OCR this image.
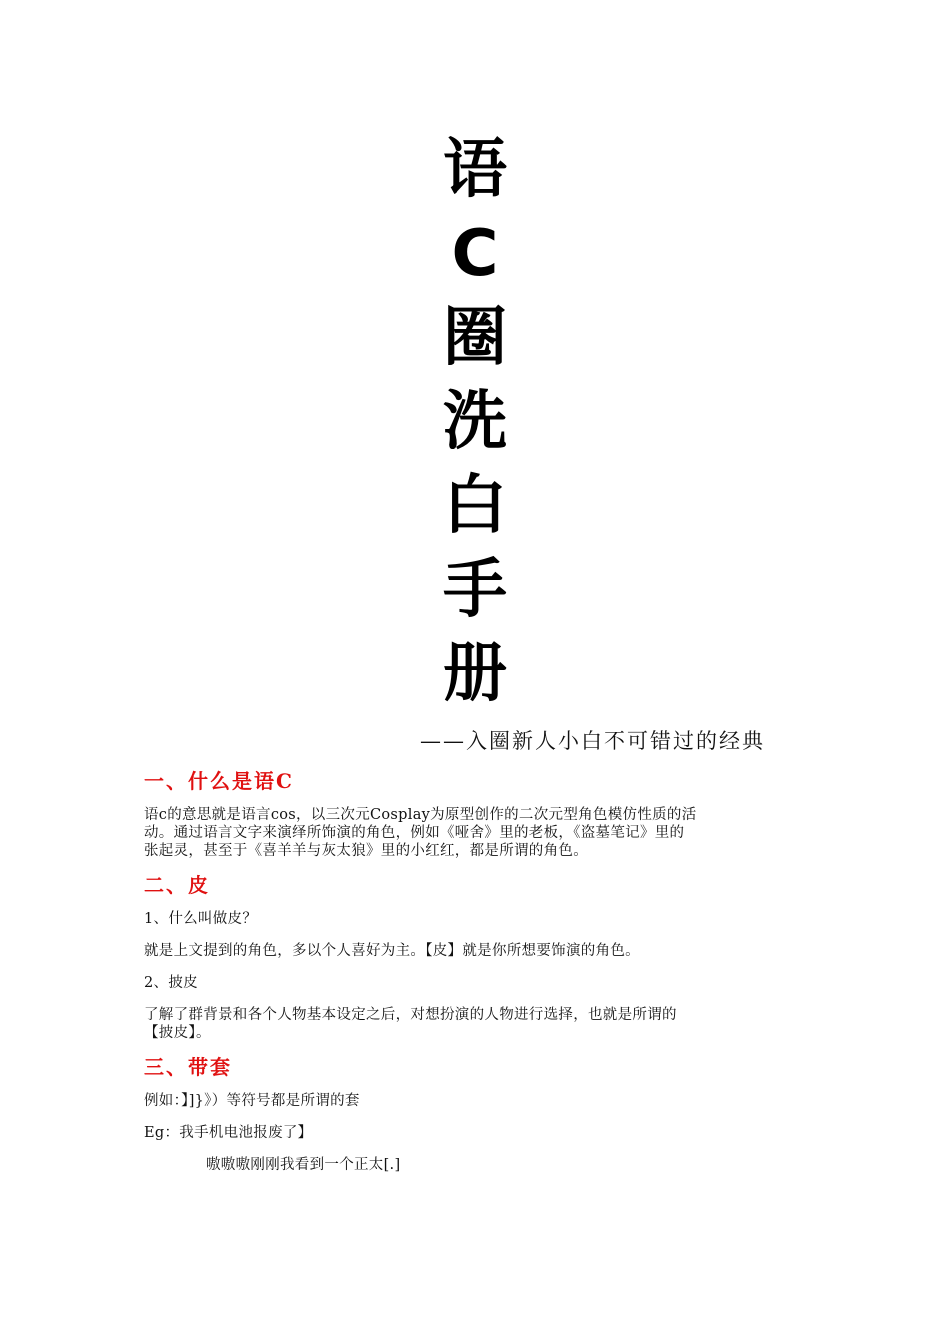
语
C
圈
洗
白
手
册
——入圈新人小白不可错过的经典
一、什么是语C

语c的意思就是语言cos，以三次元Cosplay为原型创作的二次元型角色模仿性质的活

动。通过语言文字来演绎所饰演的角色，例如《哑舍》里的老板，《盗墓笔记》里的

张起灵，甚至于《喜羊羊与灰太狼》里的小红红，都是所谓的角色。

二、皮

1、什么叫做皮？

就是上文提到的角色，多以个人喜好为主。【皮】就是你所想要饰演的角色。

2、披皮

了解了群背景和各个人物基本设定之后，对想扮演的人物进行选择，也就是所谓的

【披皮】。

三、带套

例如：】]}》）等符号都是所谓的套

Eg：我手机电池报废了】

嗷嗷嗷刚刚我看到一个正太[.]
